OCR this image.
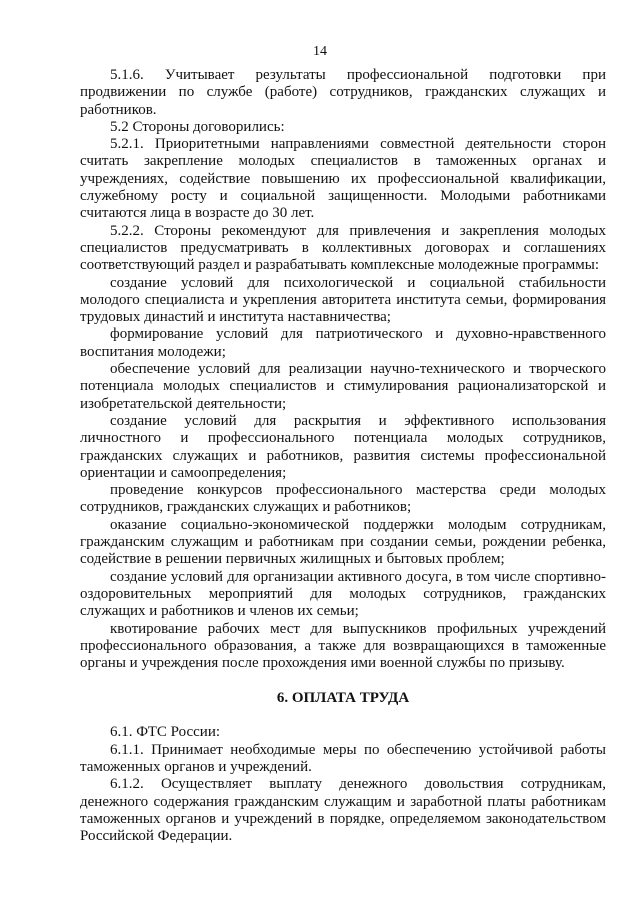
14

5.1.6. Учитывает результаты профессиональной подготовки при продвижении по службе (работе) сотрудников, гражданских служащих и работников.

5.2 Стороны договорились:

5.2.1. Приоритетными направлениями совместной деятельности сторон считать закрепление молодых специалистов в таможенных органах и учреждениях, содействие повышению их профессиональной квалификации, служебному росту и социальной защищенности. Молодыми работниками считаются лица в возрасте до 30 лет.

5.2.2. Стороны рекомендуют для привлечения и закрепления молодых специалистов предусматривать в коллективных договорах и соглашениях соответствующий раздел и разрабатывать комплексные молодежные программы:

создание условий для психологической и социальной стабильности молодого специалиста и укрепления авторитета института семьи, формирования трудовых династий и института наставничества;

формирование условий для патриотического и духовно-нравственного воспитания молодежи;

обеспечение условий для реализации научно-технического и творческого потенциала молодых специалистов и стимулирования рационализаторской и изобретательской деятельности;

создание условий для раскрытия и эффективного использования личностного и профессионального потенциала молодых сотрудников, гражданских служащих и работников, развития системы профессиональной ориентации и самоопределения;

проведение конкурсов профессионального мастерства среди молодых сотрудников, гражданских служащих и работников;

оказание социально-экономической поддержки молодым сотрудникам, гражданским служащим и работникам при создании семьи, рождении ребенка, содействие в решении первичных жилищных и бытовых проблем;

создание условий для организации активного досуга, в том числе спортивно-оздоровительных мероприятий для молодых сотрудников, гражданских служащих и работников и членов их семьи;

квотирование рабочих мест для выпускников профильных учреждений профессионального образования, а также для возвращающихся в таможенные органы и учреждения после прохождения ими военной службы по призыву.

6. ОПЛАТА ТРУДА

6.1. ФТС России:

6.1.1. Принимает необходимые меры по обеспечению устойчивой работы таможенных органов и учреждений.

6.1.2. Осуществляет выплату денежного довольствия сотрудникам, денежного содержания гражданским служащим и заработной платы работникам таможенных органов и учреждений в порядке, определяемом законодательством Российской Федерации.
